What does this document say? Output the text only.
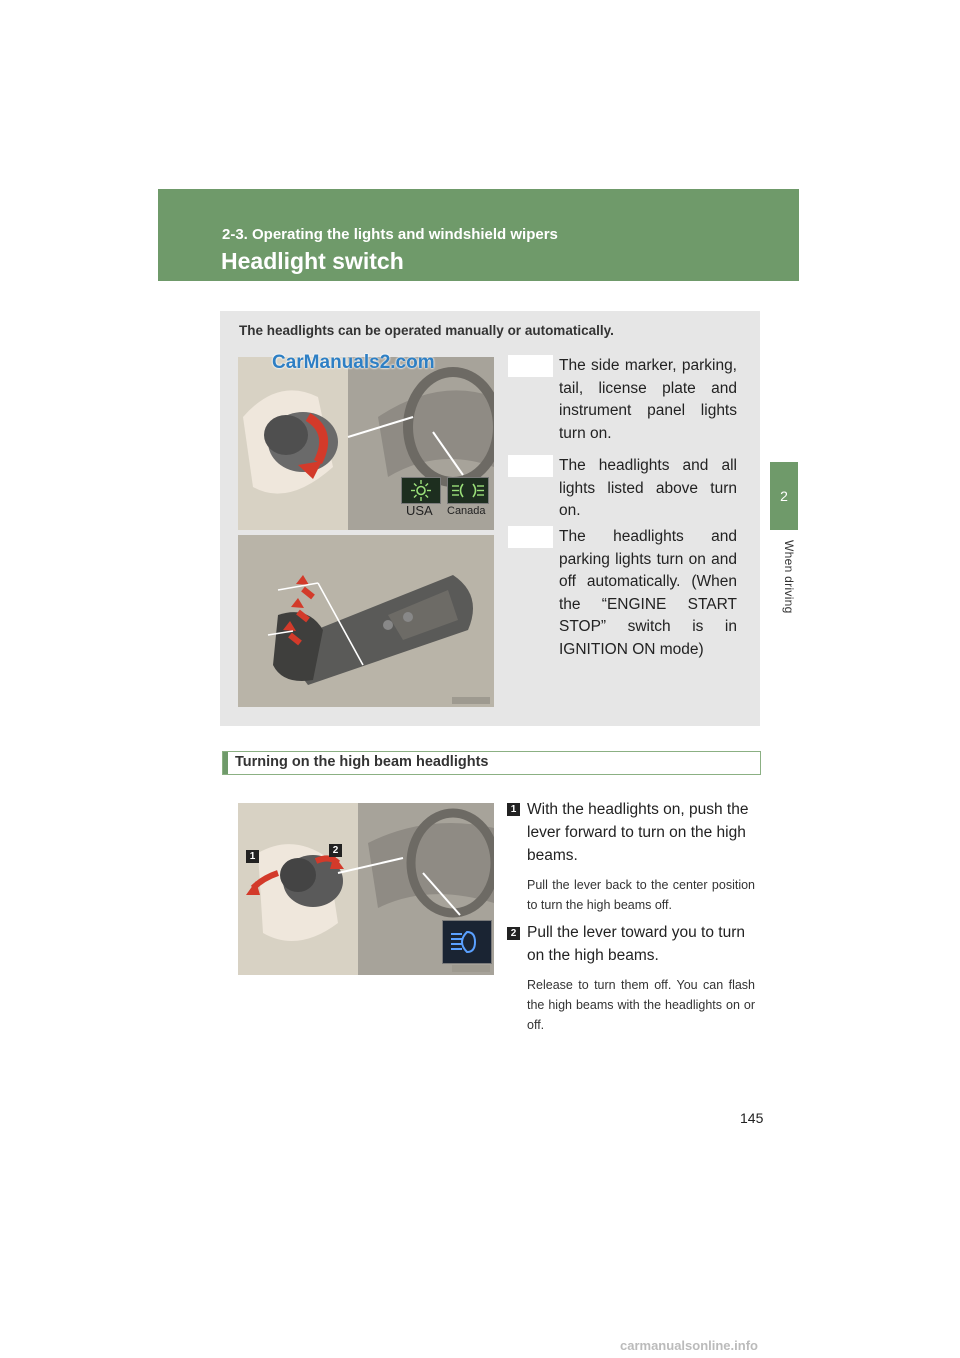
2-3. Operating the lights and windshield wipers
Headlight switch
2
When driving
The headlights can be operated manually or automatically.
CarManuals2.com
USA Canada
The side marker, parking, tail, license plate and instrument panel lights turn on.
The headlights and all lights listed above turn on.
The headlights and parking lights turn on and off automatically. (When the “ENGINE START STOP” switch is in IGNITION ON mode)
Turning on the high beam headlights
1
2
1 With the headlights on, push the lever forward to turn on the high beams.
Pull the lever back to the center position to turn the high beams off.
2 Pull the lever toward you to turn on the high beams.
Release to turn them off. You can flash the high beams with the headlights on or off.
145
carmanualsonline.info
